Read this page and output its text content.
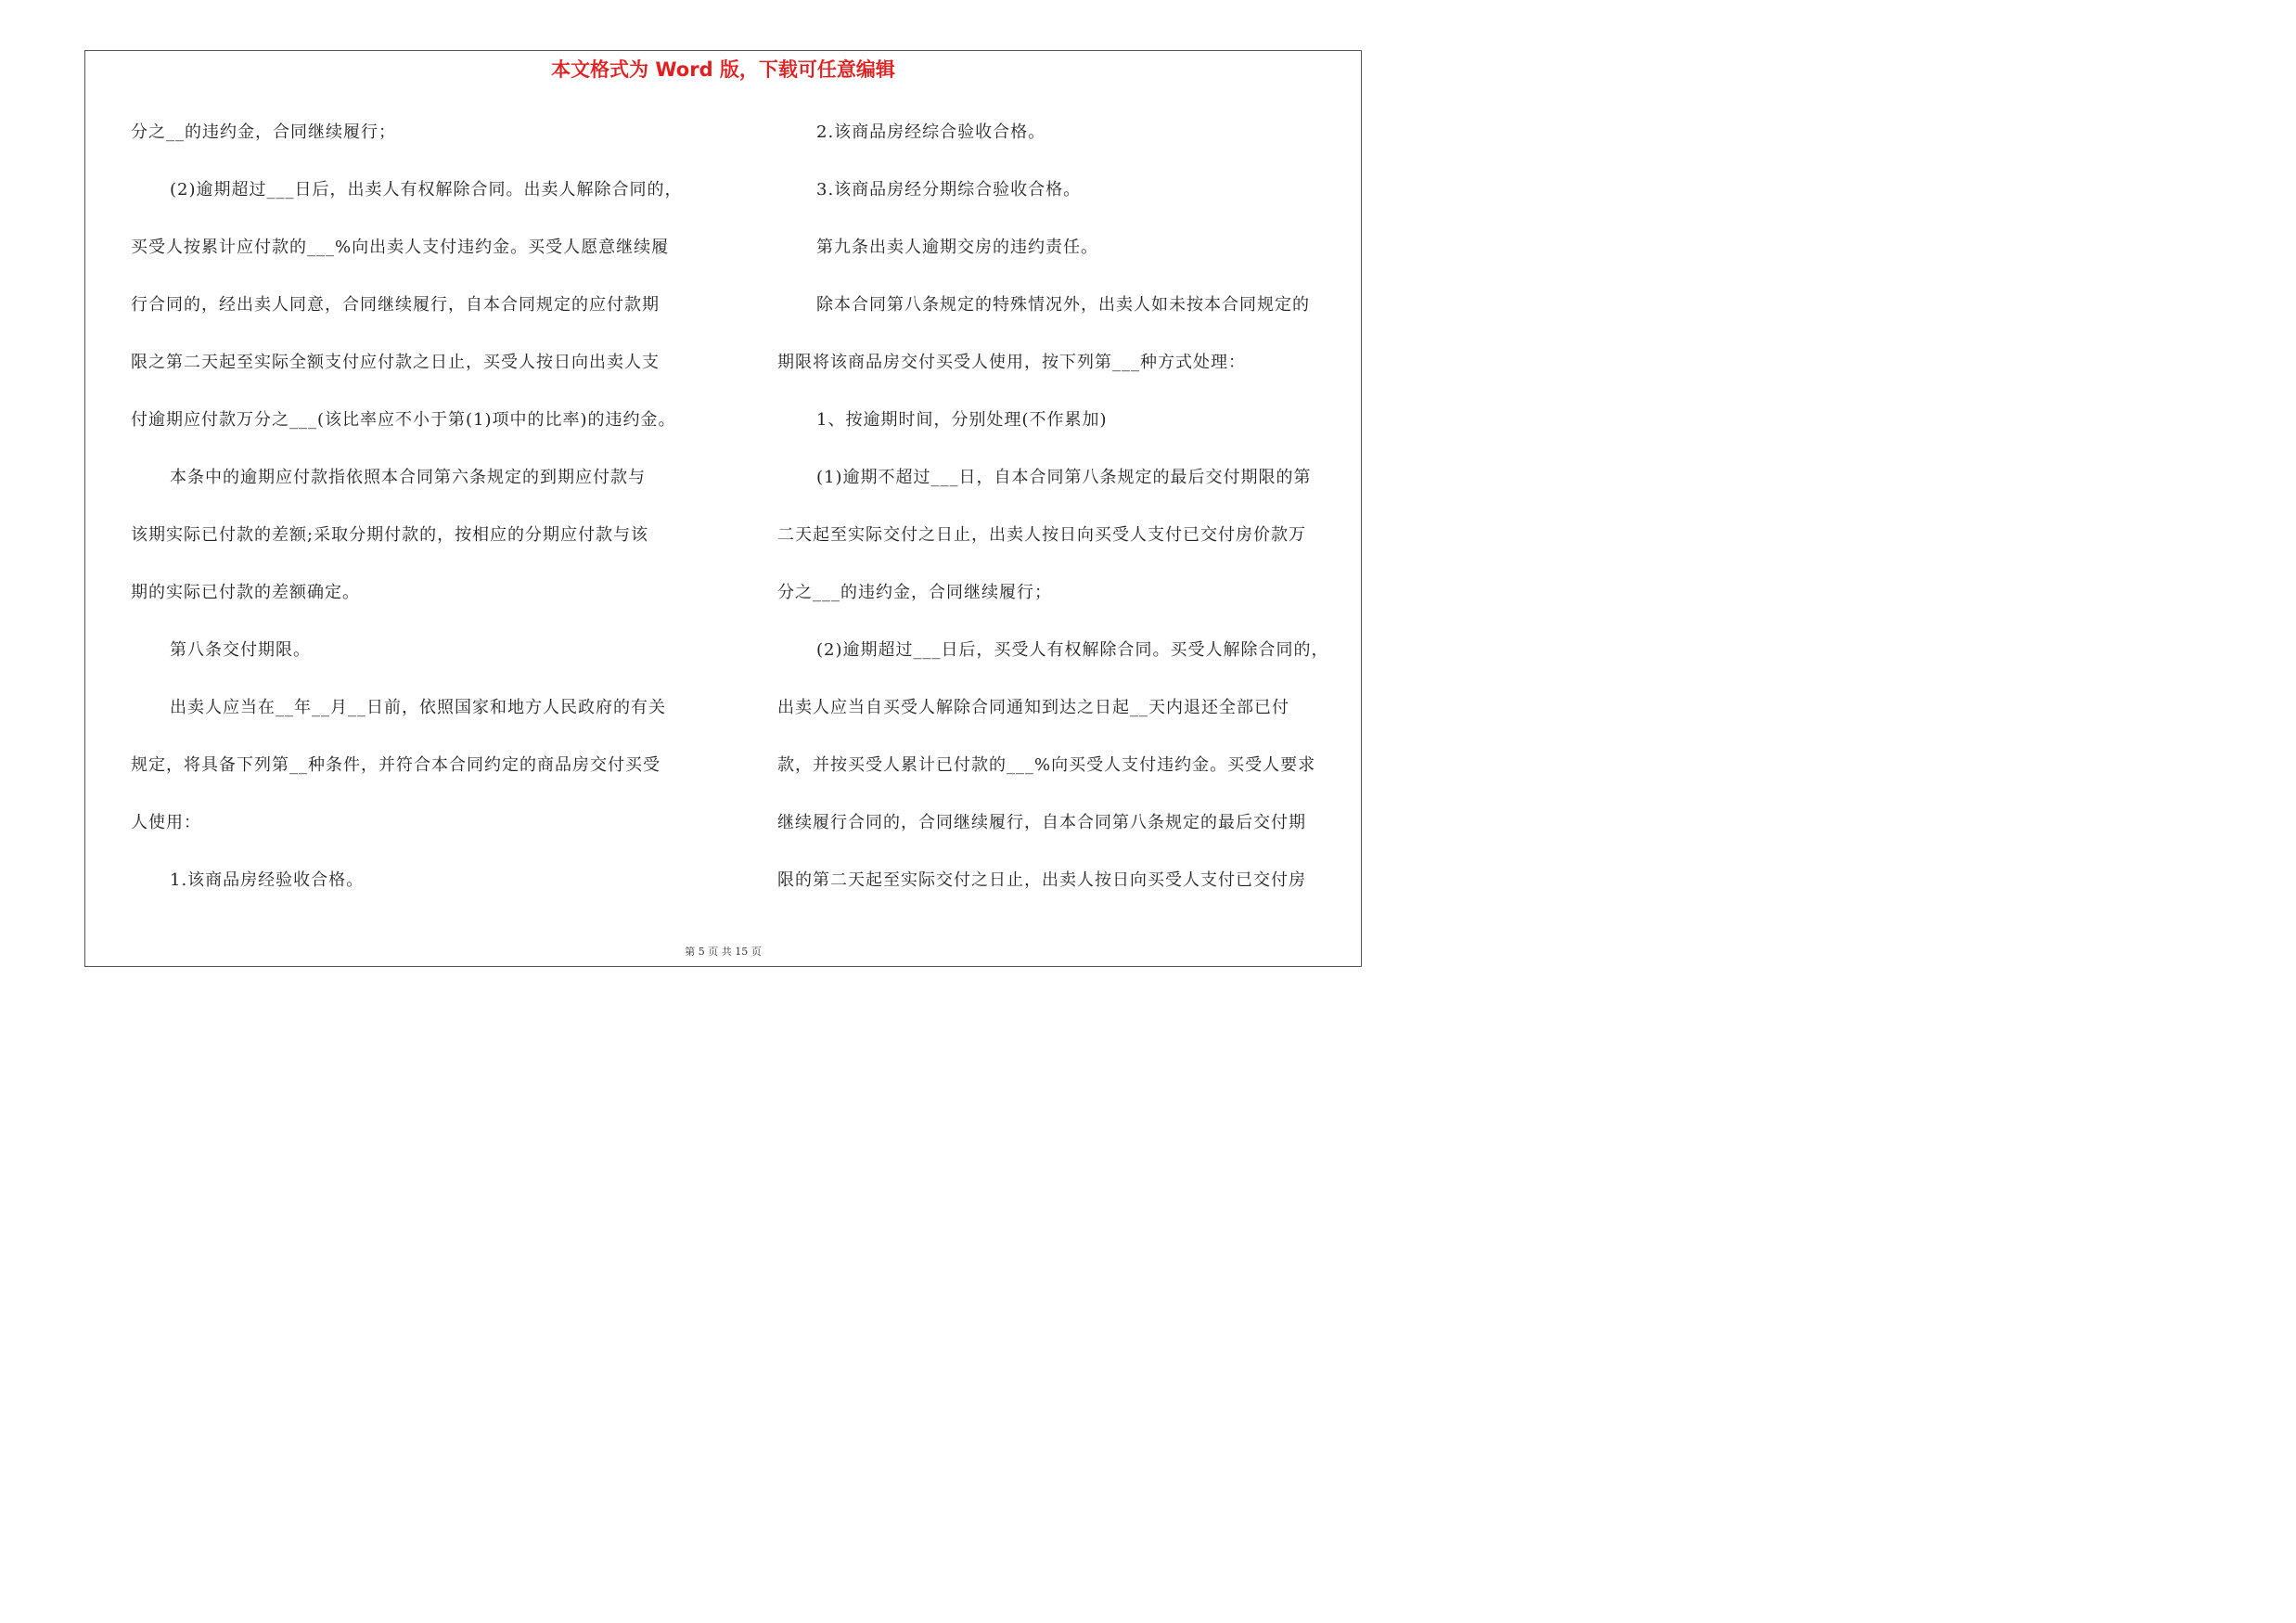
本文格式为 Word 版，下载可任意编辑

分之__的违约金，合同继续履行；

(2)逾期超过___日后，出卖人有权解除合同。出卖人解除合同的，

买受人按累计应付款的___%向出卖人支付违约金。买受人愿意继续履

行合同的，经出卖人同意，合同继续履行，自本合同规定的应付款期

限之第二天起至实际全额支付应付款之日止，买受人按日向出卖人支

付逾期应付款万分之___(该比率应不小于第(1)项中的比率)的违约金。

本条中的逾期应付款指依照本合同第六条规定的到期应付款与

该期实际已付款的差额;采取分期付款的，按相应的分期应付款与该

期的实际已付款的差额确定。

第八条交付期限。

出卖人应当在__年__月__日前，依照国家和地方人民政府的有关

规定，将具备下列第__种条件，并符合本合同约定的商品房交付买受

人使用：

1.该商品房经验收合格。

2.该商品房经综合验收合格。

3.该商品房经分期综合验收合格。

第九条出卖人逾期交房的违约责任。

除本合同第八条规定的特殊情况外，出卖人如未按本合同规定的

期限将该商品房交付买受人使用，按下列第___种方式处理：

1、按逾期时间，分别处理(不作累加)

(1)逾期不超过___日，自本合同第八条规定的最后交付期限的第

二天起至实际交付之日止，出卖人按日向买受人支付已交付房价款万

分之___的违约金，合同继续履行；

(2)逾期超过___日后，买受人有权解除合同。买受人解除合同的，

出卖人应当自买受人解除合同通知到达之日起__天内退还全部已付

款，并按买受人累计已付款的___%向买受人支付违约金。买受人要求

继续履行合同的，合同继续履行，自本合同第八条规定的最后交付期

限的第二天起至实际交付之日止，出卖人按日向买受人支付已交付房

第 5 页 共 15 页
